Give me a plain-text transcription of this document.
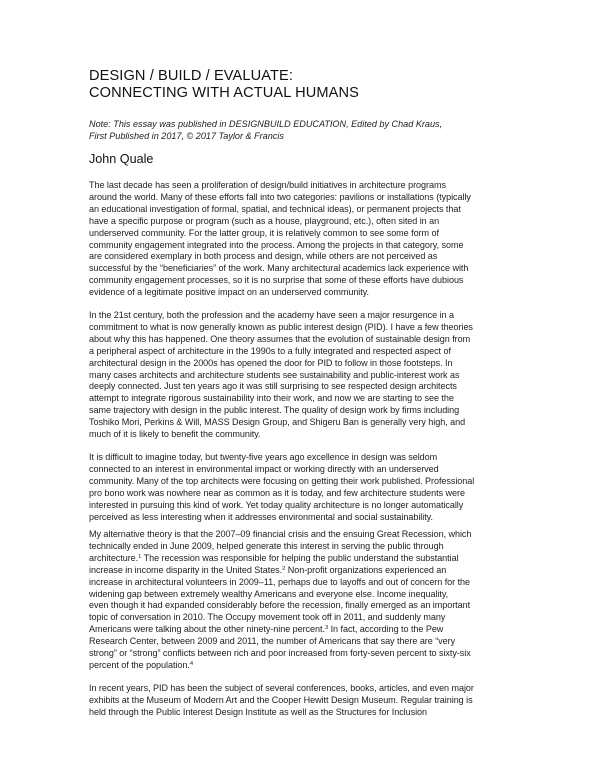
DESIGN / BUILD / EVALUATE:
CONNECTING WITH ACTUAL HUMANS
Note: This essay was published in DESIGNBUILD EDUCATION, Edited by Chad Kraus,
First Published in 2017, © 2017 Taylor & Francis
John Quale
The last decade has seen a proliferation of design/build initiatives in architecture programs
around the world. Many of these efforts fall into two categories: pavilions or installations (typically
an educational investigation of formal, spatial, and technical ideas), or permanent projects that
have a specific purpose or program (such as a house, playground, etc.), often sited in an
underserved community. For the latter group, it is relatively common to see some form of
community engagement integrated into the process. Among the projects in that category, some
are considered exemplary in both process and design, while others are not perceived as
successful by the “beneficiaries” of the work. Many architectural academics lack experience with
community engagement processes, so it is no surprise that some of these efforts have dubious
evidence of a legitimate positive impact on an underserved community.
In the 21st century, both the profession and the academy have seen a major resurgence in a
commitment to what is now generally known as public interest design (PID). I have a few theories
about why this has happened. One theory assumes that the evolution of sustainable design from
a peripheral aspect of architecture in the 1990s to a fully integrated and respected aspect of
architectural design in the 2000s has opened the door for PID to follow in those footsteps. In
many cases architects and architecture students see sustainability and public-interest work as
deeply connected. Just ten years ago it was still surprising to see respected design architects
attempt to integrate rigorous sustainability into their work, and now we are starting to see the
same trajectory with design in the public interest. The quality of design work by firms including
Toshiko Mori, Perkins & Will, MASS Design Group, and Shigeru Ban is generally very high, and
much of it is likely to benefit the community.
It is difficult to imagine today, but twenty-five years ago excellence in design was seldom
connected to an interest in environmental impact or working directly with an underserved
community. Many of the top architects were focusing on getting their work published. Professional
pro bono work was nowhere near as common as it is today, and few architecture students were
interested in pursuing this kind of work. Yet today quality architecture is no longer automatically
perceived as less interesting when it addresses environmental and social sustainability.
My alternative theory is that the 2007–09 financial crisis and the ensuing Great Recession, which
technically ended in June 2009, helped generate this interest in serving the public through
architecture.$^1$ The recession was responsible for helping the public understand the substantial
increase in income disparity in the United States.$^2$ Non-profit organizations experienced an
increase in architectural volunteers in 2009–11, perhaps due to layoffs and out of concern for the
widening gap between extremely wealthy Americans and everyone else. Income inequality,
even though it had expanded considerably before the recession, finally emerged as an important
topic of conversation in 2010. The Occupy movement took off in 2011, and suddenly many
Americans were talking about the other ninety-nine percent.$^3$ In fact, according to the Pew
Research Center, between 2009 and 2011, the number of Americans that say there are “very
strong” or “strong” conflicts between rich and poor increased from forty-seven percent to sixty-six
percent of the population.$^4$
In recent years, PID has been the subject of several conferences, books, articles, and even major
exhibits at the Museum of Modern Art and the Cooper Hewitt Design Museum. Regular training is
held through the Public Interest Design Institute as well as the Structures for Inclusion
